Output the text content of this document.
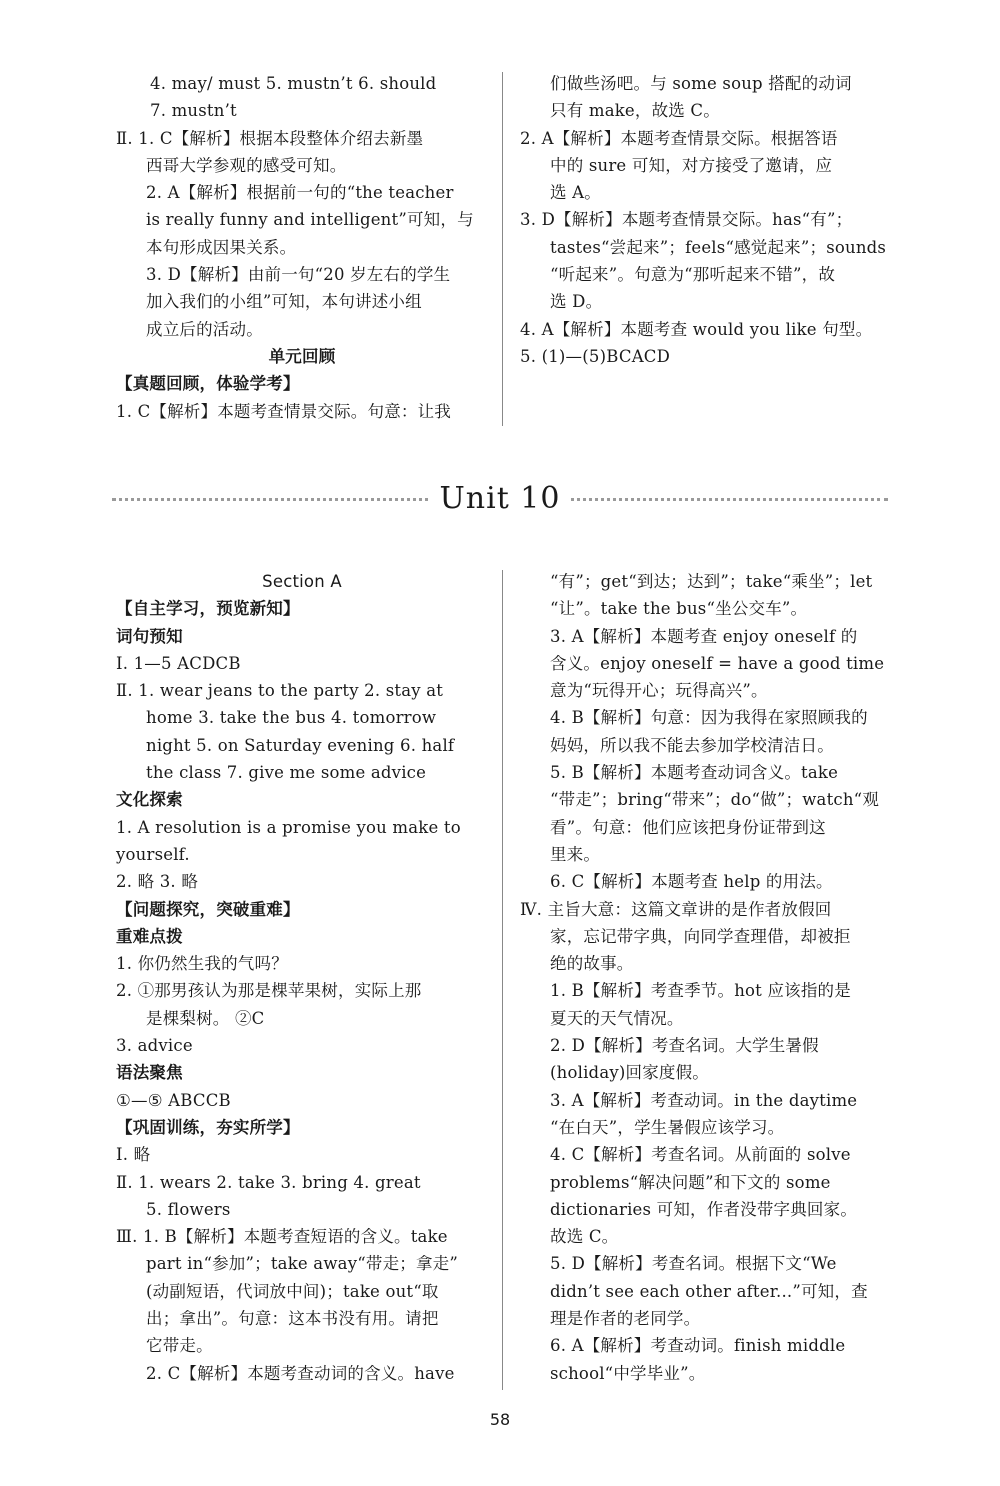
4. may/ must 5. mustn’t 6. should
7. mustn’t
Ⅱ. 1. C【解析】根据本段整体介绍去新墨
西哥大学参观的感受可知。
2. A【解析】根据前一句的“the teacher
is really funny and intelligent”可知，与
本句形成因果关系。
3. D【解析】由前一句“20 岁左右的学生
加入我们的小组”可知，本句讲述小组
成立后的活动。
单元回顾
【真题回顾，体验学考】
1. C【解析】本题考查情景交际。句意：让我
们做些汤吧。与 some soup 搭配的动词
只有 make，故选 C。
2. A【解析】本题考查情景交际。根据答语
中的 sure 可知，对方接受了邀请，应
选 A。
3. D【解析】本题考查情景交际。has“有”；
tastes“尝起来”；feels“感觉起来”；sounds
“听起来”。句意为“那听起来不错”，故
选 D。
4. A【解析】本题考查 would you like 句型。
5. (1)—(5)BCACD
Unit 10
Section A
【自主学习，预览新知】
词句预知
Ⅰ. 1—5 ACDCB
Ⅱ. 1. wear jeans to the party 2. stay at
home 3. take the bus 4. tomorrow
night 5. on Saturday evening 6. half
the class 7. give me some advice
文化探索
1. A resolution is a promise you make to
yourself.
2. 略 3. 略
【问题探究，突破重难】
重难点拨
1. 你仍然生我的气吗？
2. ①那男孩认为那是棵苹果树，实际上那
是棵梨树。 ②C
3. advice
语法聚焦
①—⑤ ABCCB
【巩固训练，夯实所学】
Ⅰ. 略
Ⅱ. 1. wears 2. take 3. bring 4. great
5. flowers
Ⅲ. 1. B【解析】本题考查短语的含义。take
part in“参加”；take away“带走；拿走”
(动副短语，代词放中间)；take out“取
出；拿出”。句意：这本书没有用。请把
它带走。
2. C【解析】本题考查动词的含义。have
“有”；get“到达；达到”；take“乘坐”；let
“让”。take the bus“坐公交车”。
3. A【解析】本题考查 enjoy oneself 的
含义。enjoy oneself = have a good time
意为“玩得开心；玩得高兴”。
4. B【解析】句意：因为我得在家照顾我的
妈妈，所以我不能去参加学校清洁日。
5. B【解析】本题考查动词含义。take
“带走”；bring“带来”；do“做”；watch“观
看”。句意：他们应该把身份证带到这
里来。
6. C【解析】本题考查 help 的用法。
Ⅳ. 主旨大意：这篇文章讲的是作者放假回
家，忘记带字典，向同学查理借，却被拒
绝的故事。
1. B【解析】考查季节。hot 应该指的是
夏天的天气情况。
2. D【解析】考查名词。大学生暑假
(holiday)回家度假。
3. A【解析】考查动词。in the daytime
“在白天”，学生暑假应该学习。
4. C【解析】考查名词。从前面的 solve
problems“解决问题”和下文的 some
dictionaries 可知，作者没带字典回家。
故选 C。
5. D【解析】考查名词。根据下文“We
didn’t see each other after...”可知，查
理是作者的老同学。
6. A【解析】考查动词。finish middle
school“中学毕业”。
58
